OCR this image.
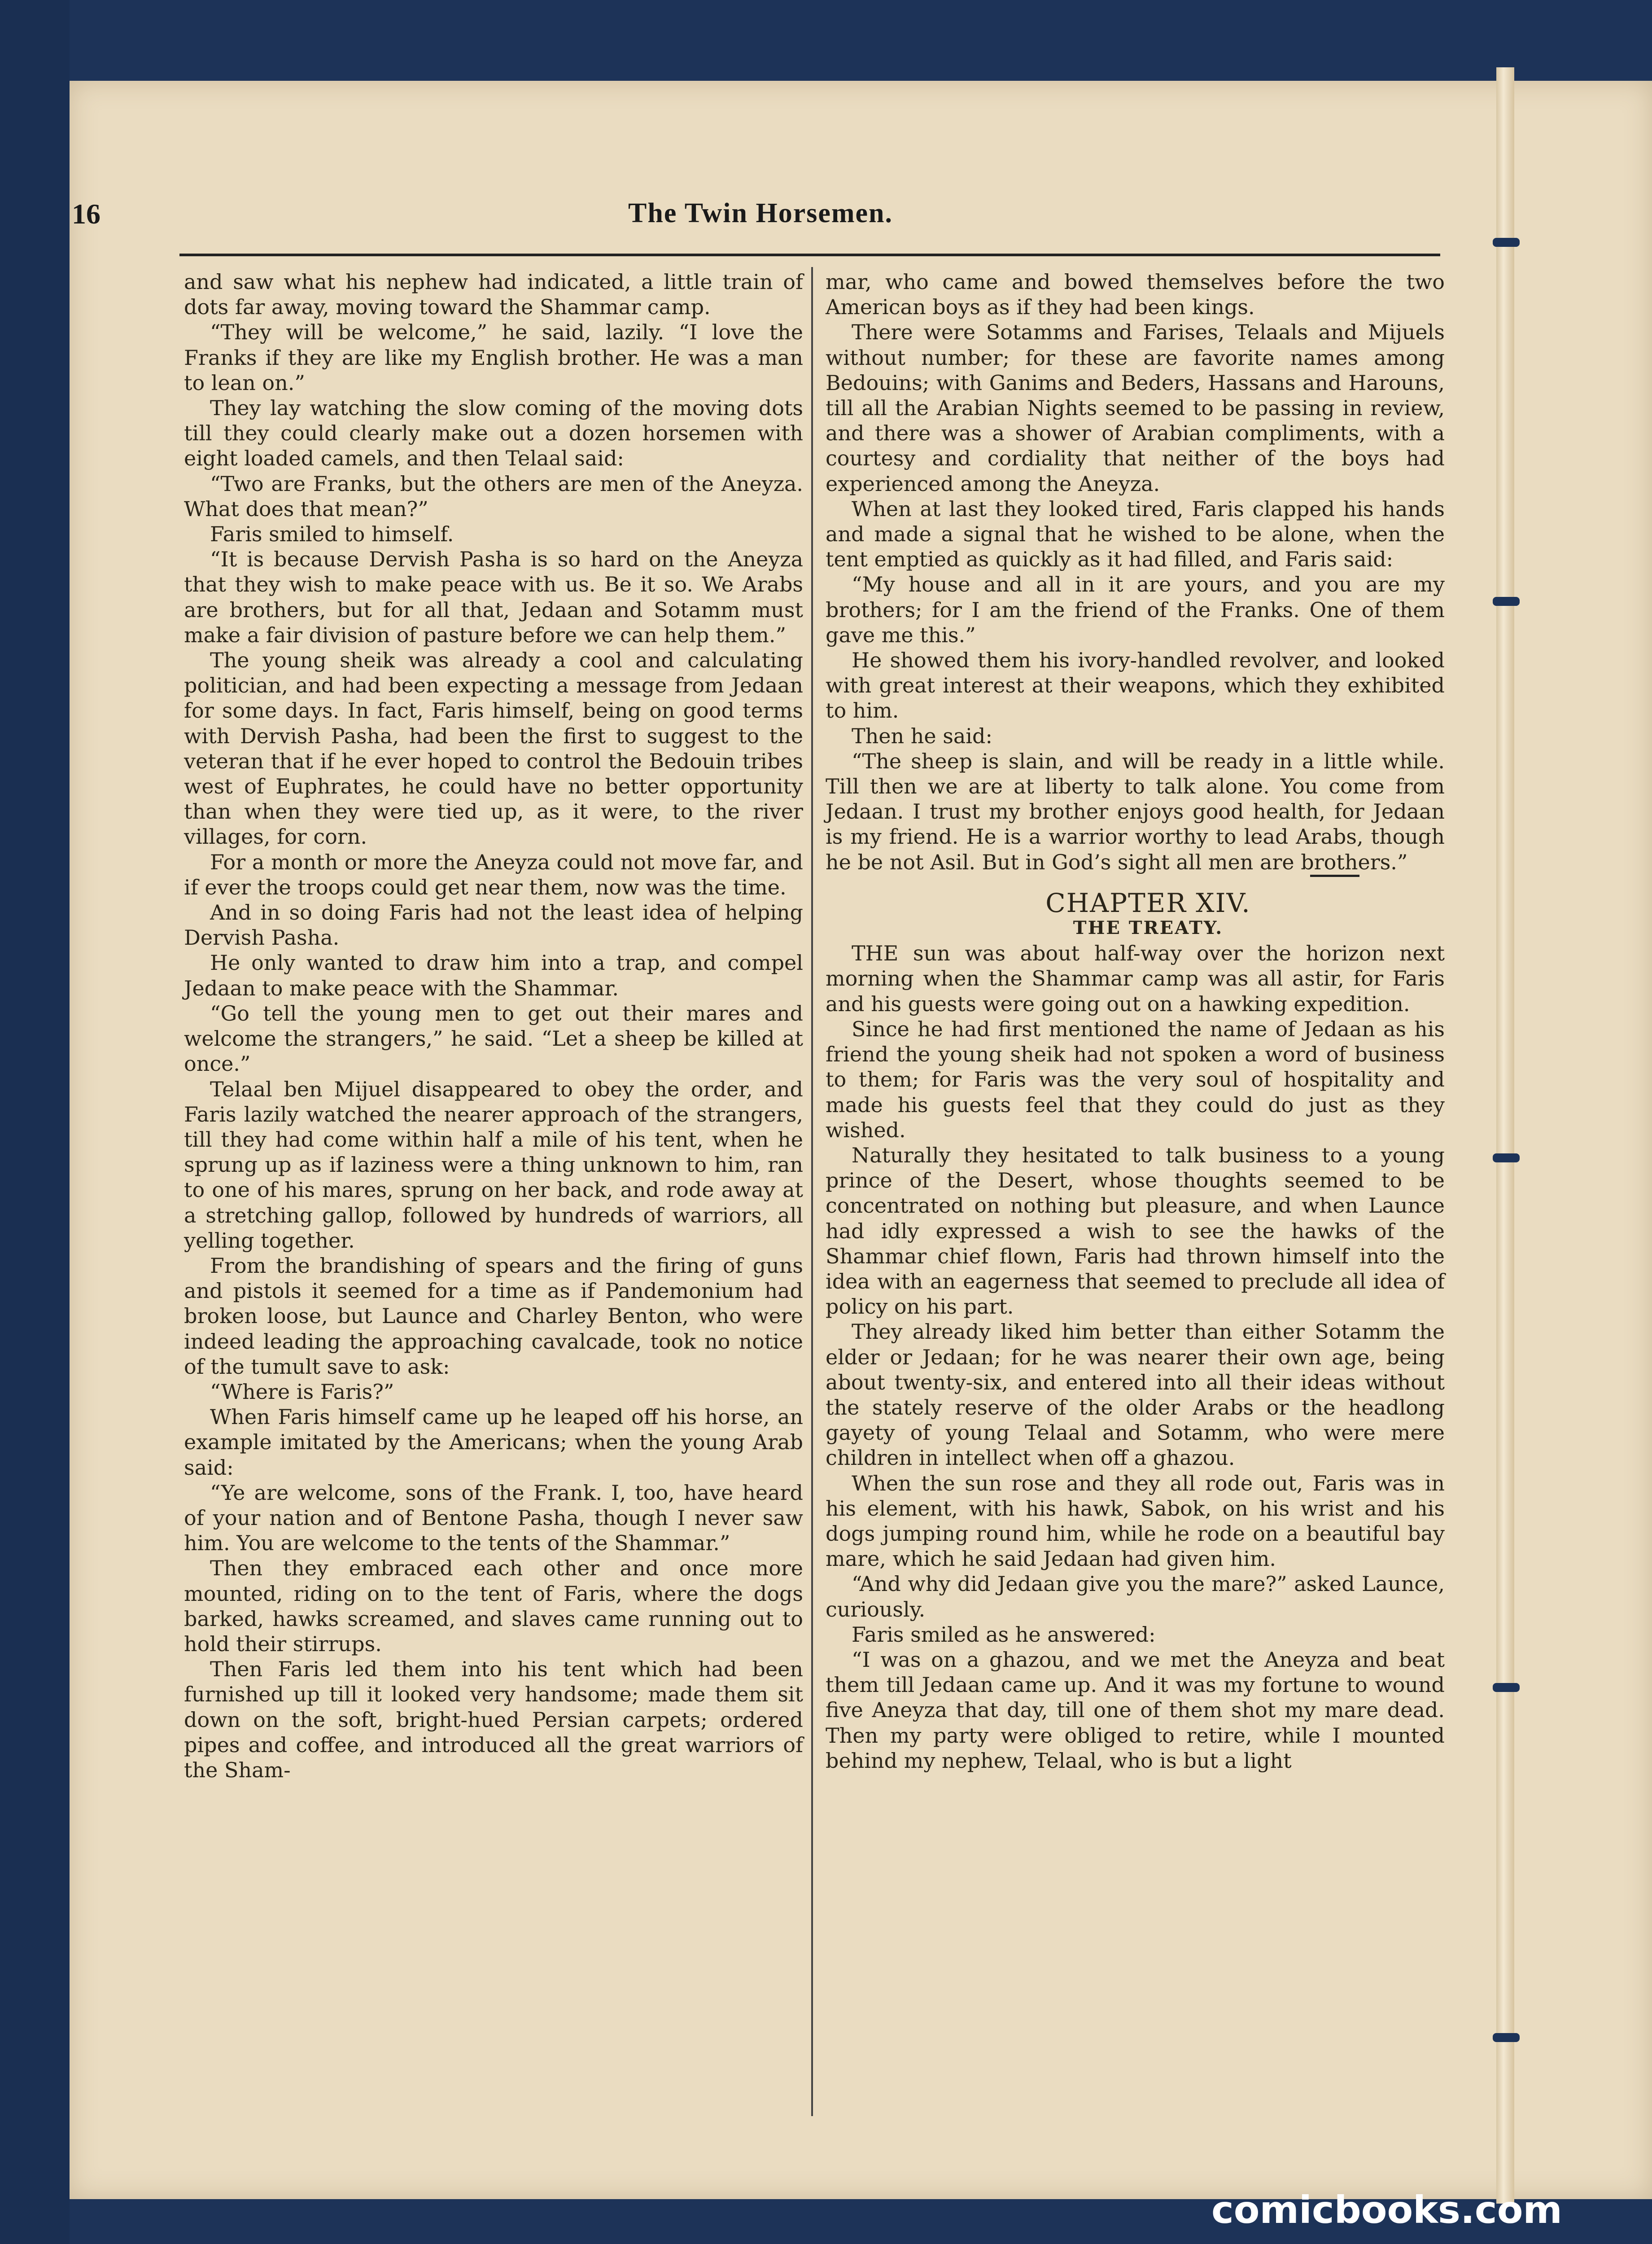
16	The Twin Horsemen.

and saw what his nephew had indicated, a little train of dots far away, moving toward the Shammar camp.

“They will be welcome,” he said, lazily. “I love the Franks if they are like my English brother. He was a man to lean on.”

They lay watching the slow coming of the moving dots till they could clearly make out a dozen horsemen with eight loaded camels, and then Telaal said:

“Two are Franks, but the others are men of the Aneyza. What does that mean?”

Faris smiled to himself.

“It is because Dervish Pasha is so hard on the Aneyza that they wish to make peace with us. Be it so. We Arabs are brothers, but for all that, Jedaan and Sotamm must make a fair division of pasture before we can help them.”

The young sheik was already a cool and calculating politician, and had been expecting a message from Jedaan for some days. In fact, Faris himself, being on good terms with Dervish Pasha, had been the first to suggest to the veteran that if he ever hoped to control the Bedouin tribes west of Euphrates, he could have no better opportunity than when they were tied up, as it were, to the river villages, for corn.

For a month or more the Aneyza could not move far, and if ever the troops could get near them, now was the time.

And in so doing Faris had not the least idea of helping Dervish Pasha.

He only wanted to draw him into a trap, and compel Jedaan to make peace with the Shammar.

“Go tell the young men to get out their mares and welcome the strangers,” he said. “Let a sheep be killed at once.”

Telaal ben Mijuel disappeared to obey the order, and Faris lazily watched the nearer approach of the strangers, till they had come within half a mile of his tent, when he sprung up as if laziness were a thing unknown to him, ran to one of his mares, sprung on her back, and rode away at a stretching gallop, followed by hundreds of warriors, all yelling together.

From the brandishing of spears and the firing of guns and pistols it seemed for a time as if Pandemonium had broken loose, but Launce and Charley Benton, who were indeed leading the approaching cavalcade, took no notice of the tumult save to ask:

“Where is Faris?”

When Faris himself came up he leaped off his horse, an example imitated by the Americans; when the young Arab said:

“Ye are welcome, sons of the Frank. I, too, have heard of your nation and of Bentone Pasha, though I never saw him. You are welcome to the tents of the Shammar.”

Then they embraced each other and once more mounted, riding on to the tent of Faris, where the dogs barked, hawks screamed, and slaves came running out to hold their stirrups.

Then Faris led them into his tent which had been furnished up till it looked very handsome; made them sit down on the soft, bright-hued Persian carpets; ordered pipes and coffee, and introduced all the great warriors of the Sham-

mar, who came and bowed themselves before the two American boys as if they had been kings.

There were Sotamms and Farises, Telaals and Mijuels without number; for these are favorite names among Bedouins; with Ganims and Beders, Hassans and Harouns, till all the Arabian Nights seemed to be passing in review, and there was a shower of Arabian compliments, with a courtesy and cordiality that neither of the boys had experienced among the Aneyza.

When at last they looked tired, Faris clapped his hands and made a signal that he wished to be alone, when the tent emptied as quickly as it had filled, and Faris said:

“My house and all in it are yours, and you are my brothers; for I am the friend of the Franks. One of them gave me this.”

He showed them his ivory-handled revolver, and looked with great interest at their weapons, which they exhibited to him.

Then he said:

“The sheep is slain, and will be ready in a little while. Till then we are at liberty to talk alone. You come from Jedaan. I trust my brother enjoys good health, for Jedaan is my friend. He is a warrior worthy to lead Arabs, though he be not Asil. But in God’s sight all men are brothers.”

CHAPTER XIV.

THE TREATY.

THE sun was about half-way over the horizon next morning when the Shammar camp was all astir, for Faris and his guests were going out on a hawking expedition.

Since he had first mentioned the name of Jedaan as his friend the young sheik had not spoken a word of business to them; for Faris was the very soul of hospitality and made his guests feel that they could do just as they wished.

Naturally they hesitated to talk business to a young prince of the Desert, whose thoughts seemed to be concentrated on nothing but pleasure, and when Launce had idly expressed a wish to see the hawks of the Shammar chief flown, Faris had thrown himself into the idea with an eagerness that seemed to preclude all idea of policy on his part.

They already liked him better than either Sotamm the elder or Jedaan; for he was nearer their own age, being about twenty-six, and entered into all their ideas without the stately reserve of the older Arabs or the headlong gayety of young Telaal and Sotamm, who were mere children in intellect when off a ghazou.

When the sun rose and they all rode out, Faris was in his element, with his hawk, Sabok, on his wrist and his dogs jumping round him, while he rode on a beautiful bay mare, which he said Jedaan had given him.

“And why did Jedaan give you the mare?” asked Launce, curiously.

Faris smiled as he answered:

“I was on a ghazou, and we met the Aneyza and beat them till Jedaan came up. And it was my fortune to wound five Aneyza that day, till one of them shot my mare dead. Then my party were obliged to retire, while I mounted behind my nephew, Telaal, who is but a light

comicbooks.com
